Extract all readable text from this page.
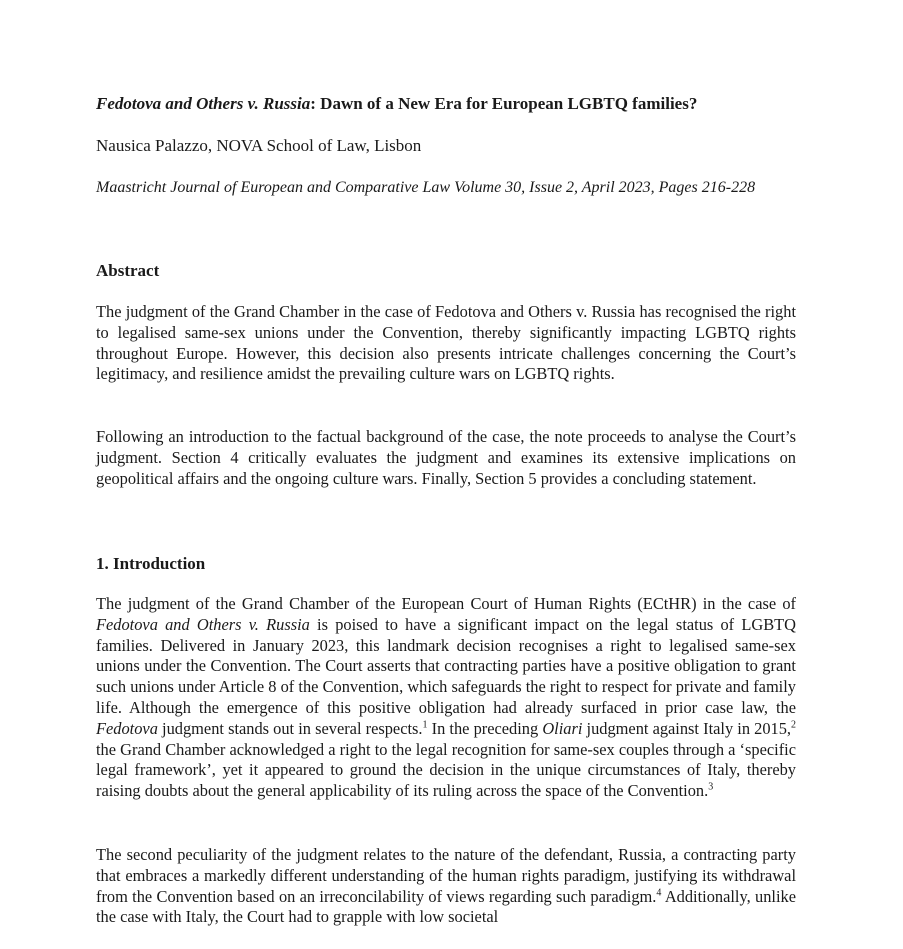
Fedotova and Others v. Russia: Dawn of a New Era for European LGBTQ families?
Nausica Palazzo, NOVA School of Law, Lisbon
Maastricht Journal of European and Comparative Law Volume 30, Issue 2, April 2023, Pages 216-228
Abstract

The judgment of the Grand Chamber in the case of Fedotova and Others v. Russia has recognised the right to legalised same-sex unions under the Convention, thereby significantly impacting LGBTQ rights throughout Europe. However, this decision also presents intricate challenges concerning the Court’s legitimacy, and resilience amidst the prevailing culture wars on LGBTQ rights.

Following an introduction to the factual background of the case, the note proceeds to analyse the Court’s judgment. Section 4 critically evaluates the judgment and examines its extensive implications on geopolitical affairs and the ongoing culture wars. Finally, Section 5 provides a concluding statement.

1. Introduction

The judgment of the Grand Chamber of the European Court of Human Rights (ECtHR) in the case of Fedotova and Others v. Russia is poised to have a significant impact on the legal status of LGBTQ families. Delivered in January 2023, this landmark decision recognises a right to legalised same-sex unions under the Convention. The Court asserts that contracting parties have a positive obligation to grant such unions under Article 8 of the Convention, which safeguards the right to respect for private and family life. Although the emergence of this positive obligation had already surfaced in prior case law, the Fedotova judgment stands out in several respects.$^1$ In the preceding Oliari judgment against Italy in 2015,$^2$ the Grand Chamber acknowledged a right to the legal recognition for same-sex couples through a ‘specific legal framework’, yet it appeared to ground the decision in the unique circumstances of Italy, thereby raising doubts about the general applicability of its ruling across the space of the Convention.$^3$

The second peculiarity of the judgment relates to the nature of the defendant, Russia, a contracting party that embraces a markedly different understanding of the human rights paradigm, justifying its withdrawal from the Convention based on an irreconcilability of views regarding such paradigm.$^4$ Additionally, unlike the case with Italy, the Court had to grapple with low societal
